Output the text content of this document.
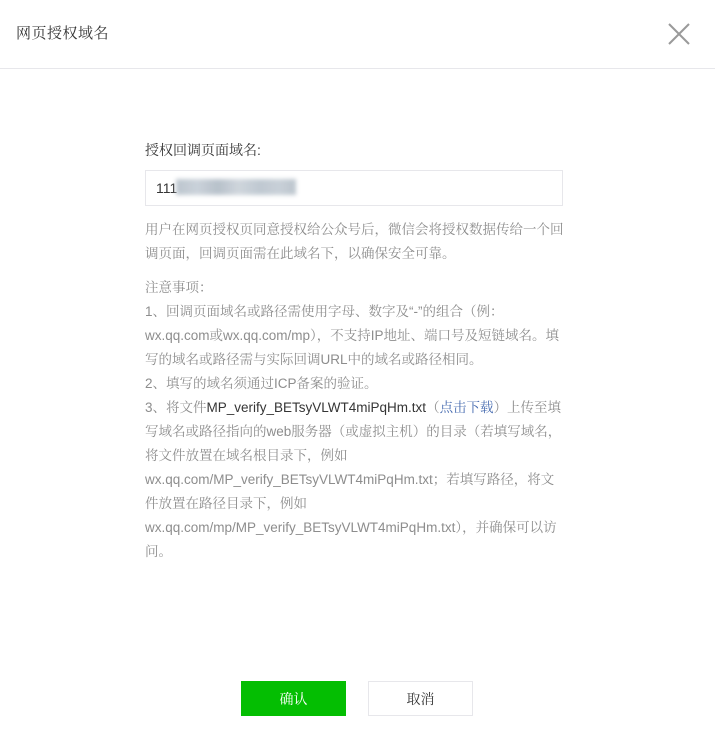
网页授权域名
授权回调页面域名:
111
用户在网页授权页同意授权给公众号后，微信会将授权数据传给一个回调页面，回调页面需在此域名下，以确保安全可靠。
注意事项：
1、回调页面域名或路径需使用字母、数字及“-”的组合（例：wx.qq.com或wx.qq.com/mp），不支持IP地址、端口号及短链域名。填写的域名或路径需与实际回调URL中的域名或路径相同。
2、填写的域名须通过ICP备案的验证。
3、将文件MP_verify_BETsyVLWT4miPqHm.txt（点击下载）上传至填写域名或路径指向的web服务器（或虚拟主机）的目录（若填写域名，将文件放置在域名根目录下，例如wx.qq.com/MP_verify_BETsyVLWT4miPqHm.txt；若填写路径，将文件放置在路径目录下，例如wx.qq.com/mp/MP_verify_BETsyVLWT4miPqHm.txt），并确保可以访问。
确认	取消
